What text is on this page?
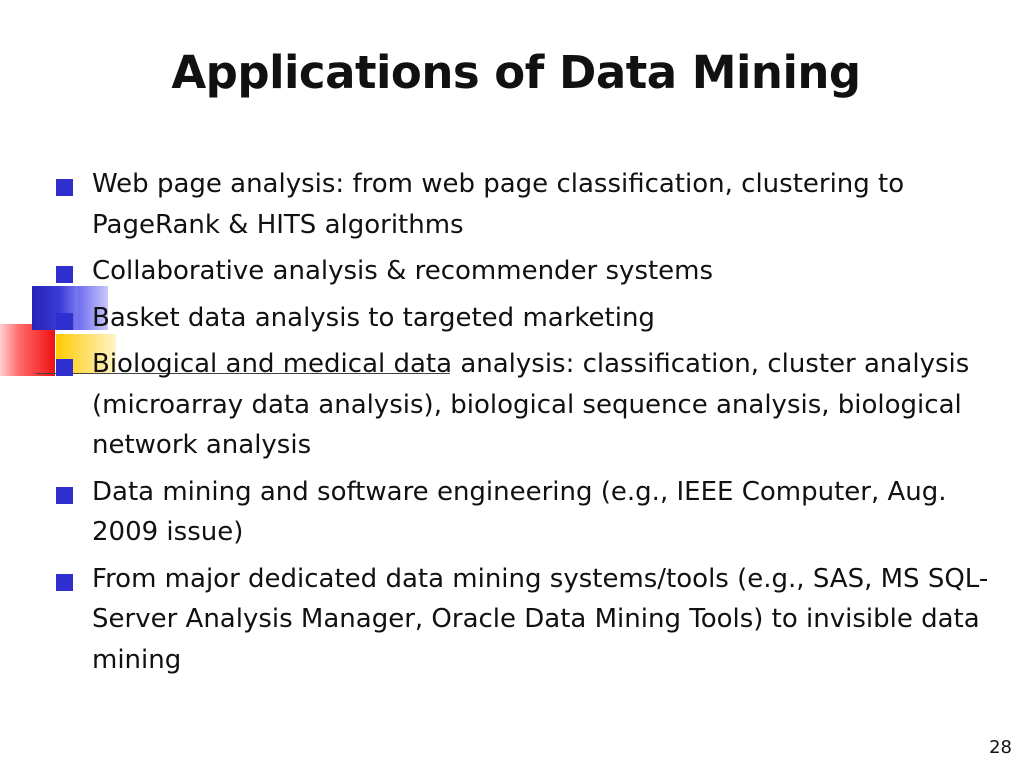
Applications of Data Mining
Web page analysis: from web page classification, clustering to PageRank & HITS algorithms
Collaborative analysis & recommender systems
Basket data analysis to targeted marketing
Biological and medical data analysis: classification, cluster analysis (microarray data analysis), biological sequence analysis, biological network analysis
Data mining and software engineering (e.g., IEEE Computer, Aug. 2009 issue)
From major dedicated data mining systems/tools (e.g., SAS, MS SQL-Server Analysis Manager, Oracle Data Mining Tools) to invisible data mining
28
